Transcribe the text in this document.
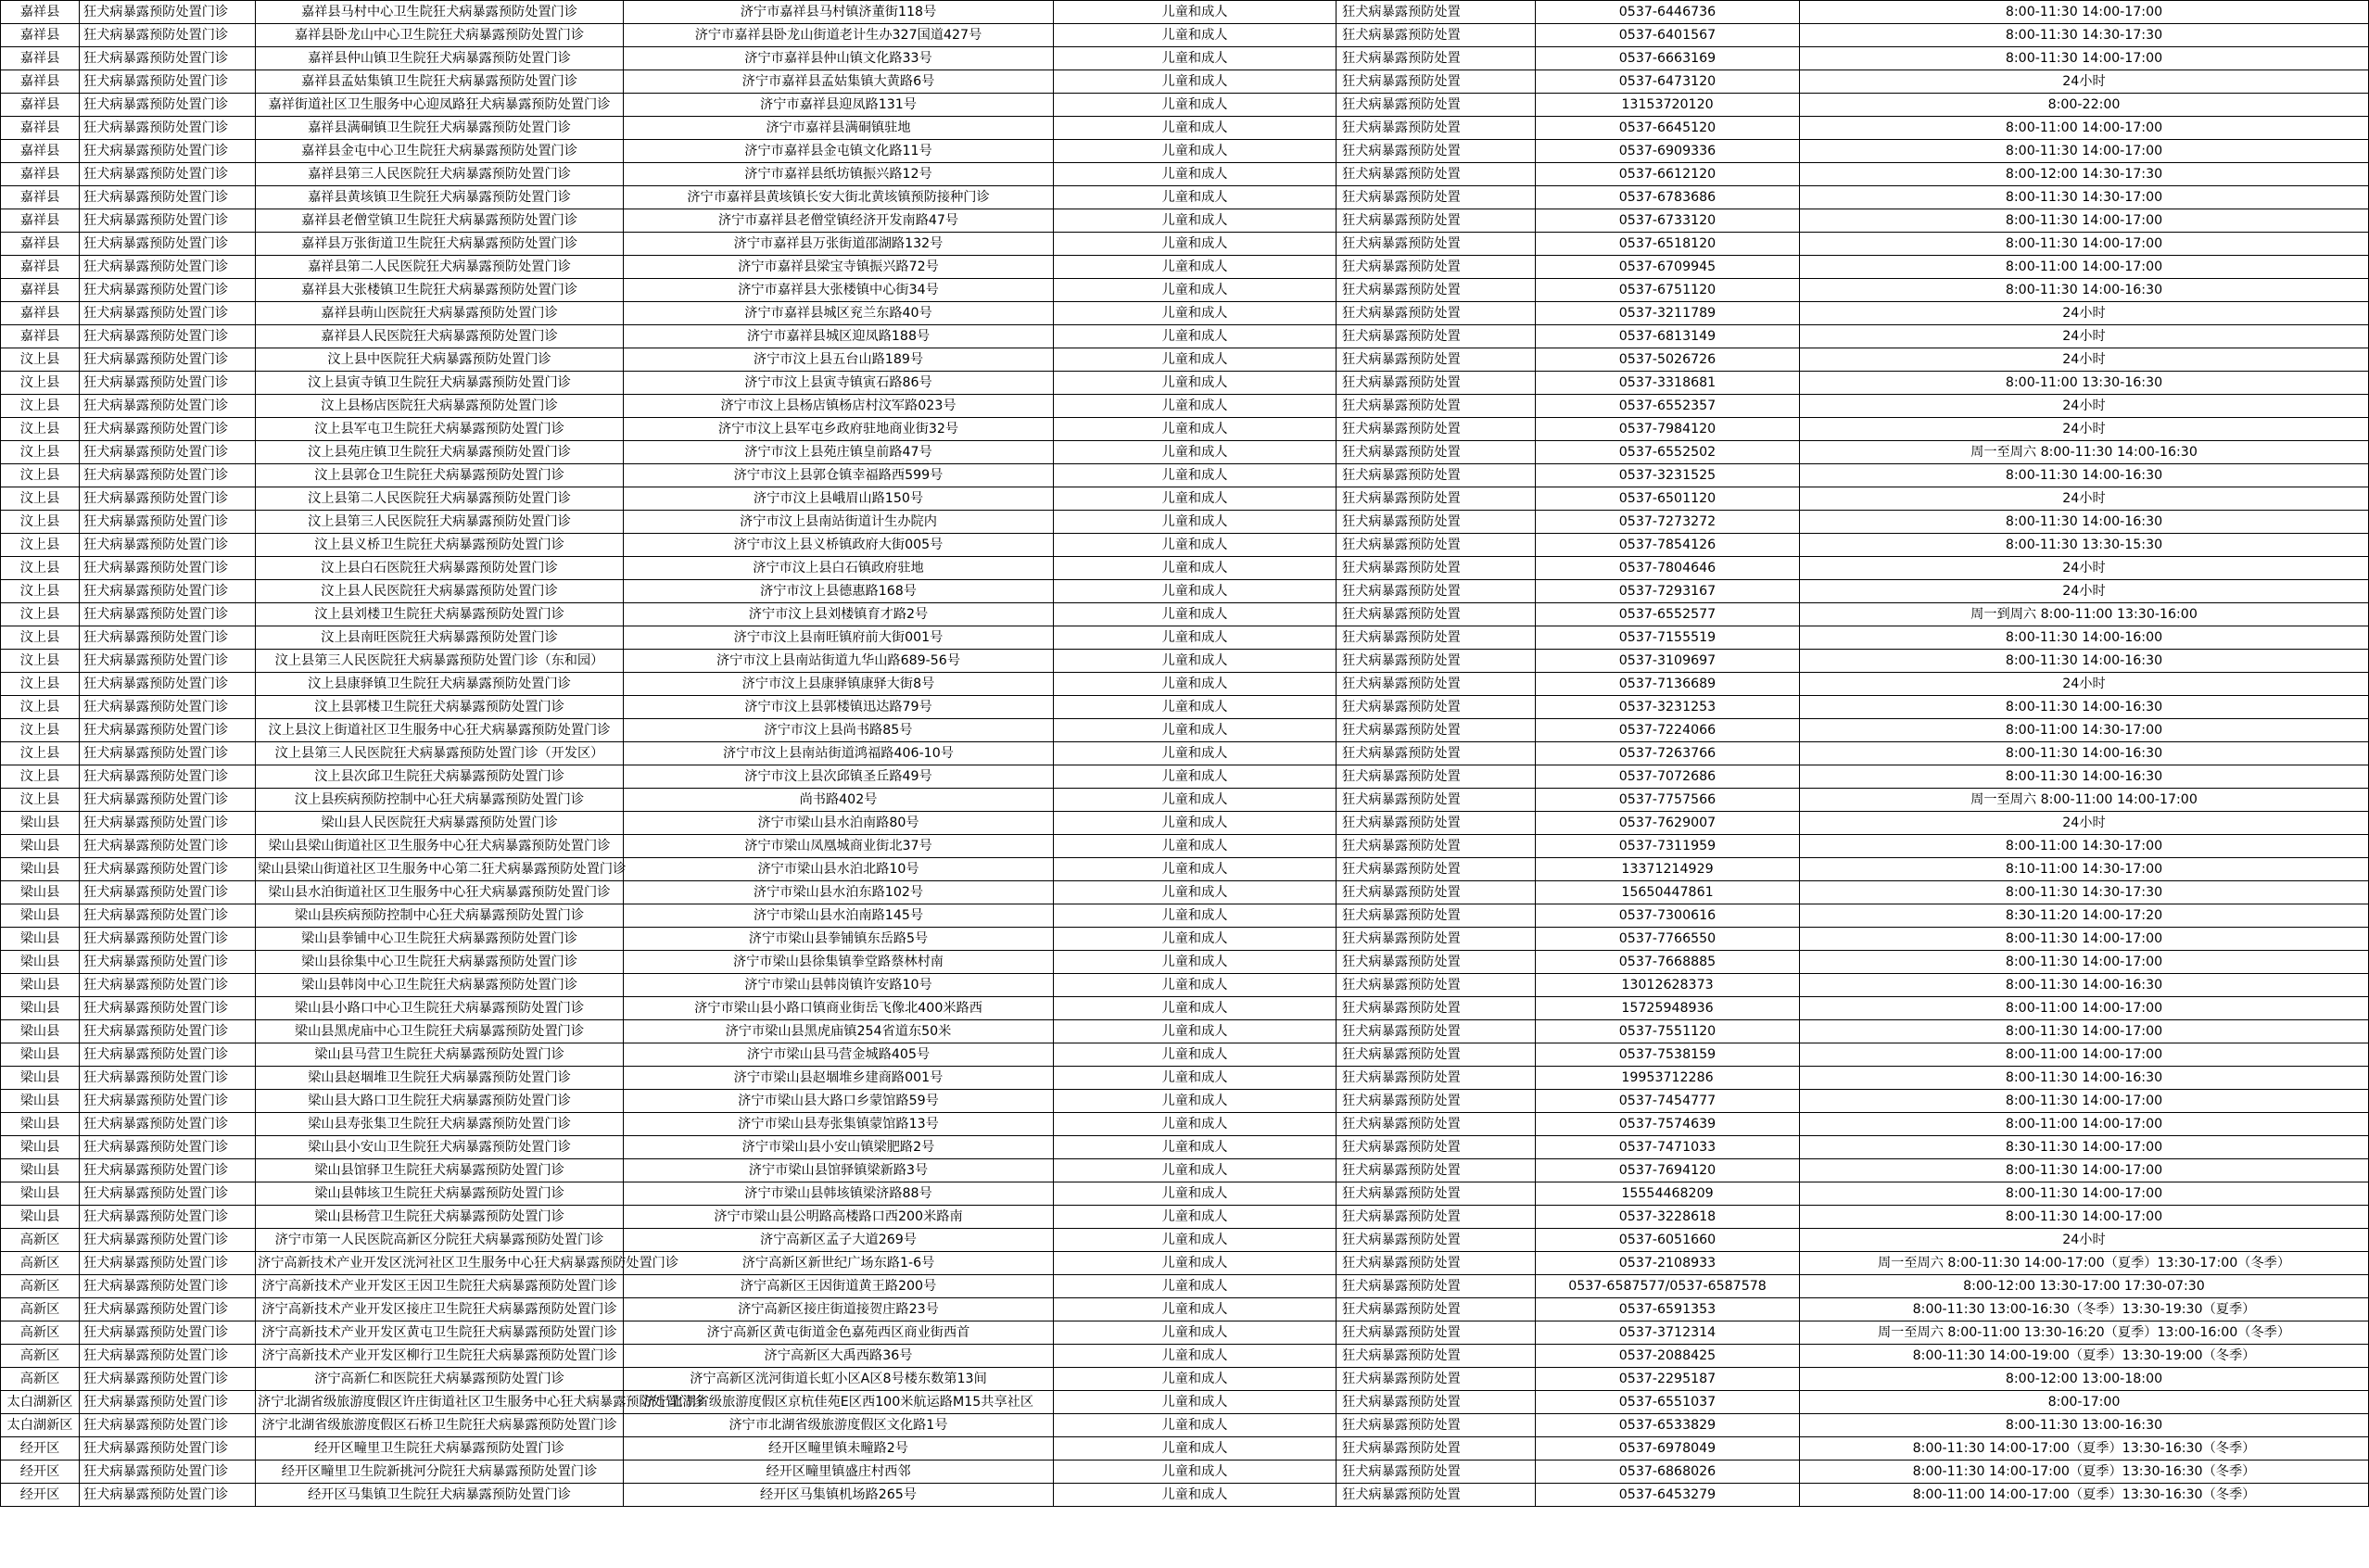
嘉祥县	狂犬病暴露预防处置门诊	嘉祥县马村中心卫生院狂犬病暴露预防处置门诊	济宁市嘉祥县马村镇济董街118号	儿童和成人	狂犬病暴露预防处置	0537-6446736	8:00-11:30 14:00-17:00
嘉祥县	狂犬病暴露预防处置门诊	嘉祥县卧龙山中心卫生院狂犬病暴露预防处置门诊	济宁市嘉祥县卧龙山街道老计生办327国道427号	儿童和成人	狂犬病暴露预防处置	0537-6401567	8:00-11:30 14:30-17:30
嘉祥县	狂犬病暴露预防处置门诊	嘉祥县仲山镇卫生院狂犬病暴露预防处置门诊	济宁市嘉祥县仲山镇文化路33号	儿童和成人	狂犬病暴露预防处置	0537-6663169	8:00-11:30 14:00-17:00
嘉祥县	狂犬病暴露预防处置门诊	嘉祥县孟姑集镇卫生院狂犬病暴露预防处置门诊	济宁市嘉祥县孟姑集镇大黄路6号	儿童和成人	狂犬病暴露预防处置	0537-6473120	24小时
嘉祥县	狂犬病暴露预防处置门诊	嘉祥街道社区卫生服务中心迎凤路狂犬病暴露预防处置门诊	济宁市嘉祥县迎凤路131号	儿童和成人	狂犬病暴露预防处置	13153720120	8:00-22:00
嘉祥县	狂犬病暴露预防处置门诊	嘉祥县满硐镇卫生院狂犬病暴露预防处置门诊	济宁市嘉祥县满硐镇驻地	儿童和成人	狂犬病暴露预防处置	0537-6645120	8:00-11:00 14:00-17:00
嘉祥县	狂犬病暴露预防处置门诊	嘉祥县金屯中心卫生院狂犬病暴露预防处置门诊	济宁市嘉祥县金屯镇文化路11号	儿童和成人	狂犬病暴露预防处置	0537-6909336	8:00-11:30 14:00-17:00
嘉祥县	狂犬病暴露预防处置门诊	嘉祥县第三人民医院狂犬病暴露预防处置门诊	济宁市嘉祥县纸坊镇振兴路12号	儿童和成人	狂犬病暴露预防处置	0537-6612120	8:00-12:00 14:30-17:30
嘉祥县	狂犬病暴露预防处置门诊	嘉祥县黄垓镇卫生院狂犬病暴露预防处置门诊	济宁市嘉祥县黄垓镇长安大街北黄垓镇预防接种门诊	儿童和成人	狂犬病暴露预防处置	0537-6783686	8:00-11:30 14:30-17:00
嘉祥县	狂犬病暴露预防处置门诊	嘉祥县老僧堂镇卫生院狂犬病暴露预防处置门诊	济宁市嘉祥县老僧堂镇经济开发南路47号	儿童和成人	狂犬病暴露预防处置	0537-6733120	8:00-11:30 14:00-17:00
嘉祥县	狂犬病暴露预防处置门诊	嘉祥县万张街道卫生院狂犬病暴露预防处置门诊	济宁市嘉祥县万张街道邵湖路132号	儿童和成人	狂犬病暴露预防处置	0537-6518120	8:00-11:30 14:00-17:00
嘉祥县	狂犬病暴露预防处置门诊	嘉祥县第二人民医院狂犬病暴露预防处置门诊	济宁市嘉祥县梁宝寺镇振兴路72号	儿童和成人	狂犬病暴露预防处置	0537-6709945	8:00-11:00 14:00-17:00
嘉祥县	狂犬病暴露预防处置门诊	嘉祥县大张楼镇卫生院狂犬病暴露预防处置门诊	济宁市嘉祥县大张楼镇中心街34号	儿童和成人	狂犬病暴露预防处置	0537-6751120	8:00-11:30 14:00-16:30
嘉祥县	狂犬病暴露预防处置门诊	嘉祥县萌山医院狂犬病暴露预防处置门诊	济宁市嘉祥县城区兖兰东路40号	儿童和成人	狂犬病暴露预防处置	0537-3211789	24小时
嘉祥县	狂犬病暴露预防处置门诊	嘉祥县人民医院狂犬病暴露预防处置门诊	济宁市嘉祥县城区迎凤路188号	儿童和成人	狂犬病暴露预防处置	0537-6813149	24小时
汶上县	狂犬病暴露预防处置门诊	汶上县中医院狂犬病暴露预防处置门诊	济宁市汶上县五台山路189号	儿童和成人	狂犬病暴露预防处置	0537-5026726	24小时
汶上县	狂犬病暴露预防处置门诊	汶上县寅寺镇卫生院狂犬病暴露预防处置门诊	济宁市汶上县寅寺镇寅石路86号	儿童和成人	狂犬病暴露预防处置	0537-3318681	8:00-11:00 13:30-16:30
汶上县	狂犬病暴露预防处置门诊	汶上县杨店医院狂犬病暴露预防处置门诊	济宁市汶上县杨店镇杨店村汶军路023号	儿童和成人	狂犬病暴露预防处置	0537-6552357	24小时
汶上县	狂犬病暴露预防处置门诊	汶上县军屯卫生院狂犬病暴露预防处置门诊	济宁市汶上县军屯乡政府驻地商业街32号	儿童和成人	狂犬病暴露预防处置	0537-7984120	24小时
汶上县	狂犬病暴露预防处置门诊	汶上县苑庄镇卫生院狂犬病暴露预防处置门诊	济宁市汶上县苑庄镇皇前路47号	儿童和成人	狂犬病暴露预防处置	0537-6552502	周一至周六 8:00-11:30 14:00-16:30
汶上县	狂犬病暴露预防处置门诊	汶上县郭仓卫生院狂犬病暴露预防处置门诊	济宁市汶上县郭仓镇幸福路西599号	儿童和成人	狂犬病暴露预防处置	0537-3231525	8:00-11:30 14:00-16:30
汶上县	狂犬病暴露预防处置门诊	汶上县第二人民医院狂犬病暴露预防处置门诊	济宁市汶上县峨眉山路150号	儿童和成人	狂犬病暴露预防处置	0537-6501120	24小时
汶上县	狂犬病暴露预防处置门诊	汶上县第三人民医院狂犬病暴露预防处置门诊	济宁市汶上县南站街道计生办院内	儿童和成人	狂犬病暴露预防处置	0537-7273272	8:00-11:30 14:00-16:30
汶上县	狂犬病暴露预防处置门诊	汶上县义桥卫生院狂犬病暴露预防处置门诊	济宁市汶上县义桥镇政府大街005号	儿童和成人	狂犬病暴露预防处置	0537-7854126	8:00-11:30 13:30-15:30
汶上县	狂犬病暴露预防处置门诊	汶上县白石医院狂犬病暴露预防处置门诊	济宁市汶上县白石镇政府驻地	儿童和成人	狂犬病暴露预防处置	0537-7804646	24小时
汶上县	狂犬病暴露预防处置门诊	汶上县人民医院狂犬病暴露预防处置门诊	济宁市汶上县德惠路168号	儿童和成人	狂犬病暴露预防处置	0537-7293167	24小时
汶上县	狂犬病暴露预防处置门诊	汶上县刘楼卫生院狂犬病暴露预防处置门诊	济宁市汶上县刘楼镇育才路2号	儿童和成人	狂犬病暴露预防处置	0537-6552577	周一到周六 8:00-11:00 13:30-16:00
汶上县	狂犬病暴露预防处置门诊	汶上县南旺医院狂犬病暴露预防处置门诊	济宁市汶上县南旺镇府前大街001号	儿童和成人	狂犬病暴露预防处置	0537-7155519	8:00-11:30 14:00-16:00
汶上县	狂犬病暴露预防处置门诊	汶上县第三人民医院狂犬病暴露预防处置门诊（东和园）	济宁市汶上县南站街道九华山路689-56号	儿童和成人	狂犬病暴露预防处置	0537-3109697	8:00-11:30 14:00-16:30
汶上县	狂犬病暴露预防处置门诊	汶上县康驿镇卫生院狂犬病暴露预防处置门诊	济宁市汶上县康驿镇康驿大街8号	儿童和成人	狂犬病暴露预防处置	0537-7136689	24小时
汶上县	狂犬病暴露预防处置门诊	汶上县郭楼卫生院狂犬病暴露预防处置门诊	济宁市汶上县郭楼镇迅达路79号	儿童和成人	狂犬病暴露预防处置	0537-3231253	8:00-11:30 14:00-16:30
汶上县	狂犬病暴露预防处置门诊	汶上县汶上街道社区卫生服务中心狂犬病暴露预防处置门诊	济宁市汶上县尚书路85号	儿童和成人	狂犬病暴露预防处置	0537-7224066	8:00-11:00 14:30-17:00
汶上县	狂犬病暴露预防处置门诊	汶上县第三人民医院狂犬病暴露预防处置门诊（开发区）	济宁市汶上县南站街道鸿福路406-10号	儿童和成人	狂犬病暴露预防处置	0537-7263766	8:00-11:30 14:00-16:30
汶上县	狂犬病暴露预防处置门诊	汶上县次邱卫生院狂犬病暴露预防处置门诊	济宁市汶上县次邱镇圣丘路49号	儿童和成人	狂犬病暴露预防处置	0537-7072686	8:00-11:30 14:00-16:30
汶上县	狂犬病暴露预防处置门诊	汶上县疾病预防控制中心狂犬病暴露预防处置门诊	尚书路402号	儿童和成人	狂犬病暴露预防处置	0537-7757566	周一至周六 8:00-11:00 14:00-17:00
梁山县	狂犬病暴露预防处置门诊	梁山县人民医院狂犬病暴露预防处置门诊	济宁市梁山县水泊南路80号	儿童和成人	狂犬病暴露预防处置	0537-7629007	24小时
梁山县	狂犬病暴露预防处置门诊	梁山县梁山街道社区卫生服务中心狂犬病暴露预防处置门诊	济宁市梁山凤凰城商业街北37号	儿童和成人	狂犬病暴露预防处置	0537-7311959	8:00-11:00 14:30-17:00
梁山县	狂犬病暴露预防处置门诊	梁山县梁山街道社区卫生服务中心第二狂犬病暴露预防处置门诊	济宁市梁山县水泊北路10号	儿童和成人	狂犬病暴露预防处置	13371214929	8:10-11:00 14:30-17:00
梁山县	狂犬病暴露预防处置门诊	梁山县水泊街道社区卫生服务中心狂犬病暴露预防处置门诊	济宁市梁山县水泊东路102号	儿童和成人	狂犬病暴露预防处置	15650447861	8:00-11:30 14:30-17:30
梁山县	狂犬病暴露预防处置门诊	梁山县疾病预防控制中心狂犬病暴露预防处置门诊	济宁市梁山县水泊南路145号	儿童和成人	狂犬病暴露预防处置	0537-7300616	8:30-11:20 14:00-17:20
梁山县	狂犬病暴露预防处置门诊	梁山县拳铺中心卫生院狂犬病暴露预防处置门诊	济宁市梁山县拳铺镇东岳路5号	儿童和成人	狂犬病暴露预防处置	0537-7766550	8:00-11:30 14:00-17:00
梁山县	狂犬病暴露预防处置门诊	梁山县徐集中心卫生院狂犬病暴露预防处置门诊	济宁市梁山县徐集镇拳堂路蔡林村南	儿童和成人	狂犬病暴露预防处置	0537-7668885	8:00-11:30 14:00-17:00
梁山县	狂犬病暴露预防处置门诊	梁山县韩岗中心卫生院狂犬病暴露预防处置门诊	济宁市梁山县韩岗镇许安路10号	儿童和成人	狂犬病暴露预防处置	13012628373	8:00-11:30 14:00-16:30
梁山县	狂犬病暴露预防处置门诊	梁山县小路口中心卫生院狂犬病暴露预防处置门诊	济宁市梁山县小路口镇商业街岳飞像北400米路西	儿童和成人	狂犬病暴露预防处置	15725948936	8:00-11:00 14:00-17:00
梁山县	狂犬病暴露预防处置门诊	梁山县黑虎庙中心卫生院狂犬病暴露预防处置门诊	济宁市梁山县黑虎庙镇254省道东50米	儿童和成人	狂犬病暴露预防处置	0537-7551120	8:00-11:30 14:00-17:00
梁山县	狂犬病暴露预防处置门诊	梁山县马营卫生院狂犬病暴露预防处置门诊	济宁市梁山县马营金城路405号	儿童和成人	狂犬病暴露预防处置	0537-7538159	8:00-11:00 14:00-17:00
梁山县	狂犬病暴露预防处置门诊	梁山县赵堌堆卫生院狂犬病暴露预防处置门诊	济宁市梁山县赵堌堆乡建商路001号	儿童和成人	狂犬病暴露预防处置	19953712286	8:00-11:30 14:00-16:30
梁山县	狂犬病暴露预防处置门诊	梁山县大路口卫生院狂犬病暴露预防处置门诊	济宁市梁山县大路口乡蒙馆路59号	儿童和成人	狂犬病暴露预防处置	0537-7454777	8:00-11:30 14:00-17:00
梁山县	狂犬病暴露预防处置门诊	梁山县寿张集卫生院狂犬病暴露预防处置门诊	济宁市梁山县寿张集镇蒙馆路13号	儿童和成人	狂犬病暴露预防处置	0537-7574639	8:00-11:00 14:00-17:00
梁山县	狂犬病暴露预防处置门诊	梁山县小安山卫生院狂犬病暴露预防处置门诊	济宁市梁山县小安山镇梁肥路2号	儿童和成人	狂犬病暴露预防处置	0537-7471033	8:30-11:30 14:00-17:00
梁山县	狂犬病暴露预防处置门诊	梁山县馆驿卫生院狂犬病暴露预防处置门诊	济宁市梁山县馆驿镇梁新路3号	儿童和成人	狂犬病暴露预防处置	0537-7694120	8:00-11:30 14:00-17:00
梁山县	狂犬病暴露预防处置门诊	梁山县韩垓卫生院狂犬病暴露预防处置门诊	济宁市梁山县韩垓镇梁济路88号	儿童和成人	狂犬病暴露预防处置	15554468209	8:00-11:30 14:00-17:00
梁山县	狂犬病暴露预防处置门诊	梁山县杨营卫生院狂犬病暴露预防处置门诊	济宁市梁山县公明路高楼路口西200米路南	儿童和成人	狂犬病暴露预防处置	0537-3228618	8:00-11:30 14:00-17:00
高新区	狂犬病暴露预防处置门诊	济宁市第一人民医院高新区分院狂犬病暴露预防处置门诊	济宁高新区孟子大道269号	儿童和成人	狂犬病暴露预防处置	0537-6051660	24小时
高新区	狂犬病暴露预防处置门诊	济宁高新技术产业开发区洸河社区卫生服务中心狂犬病暴露预防处置门诊	济宁高新区新世纪广场东路1-6号	儿童和成人	狂犬病暴露预防处置	0537-2108933	周一至周六 8:00-11:30 14:00-17:00（夏季）13:30-17:00（冬季）
高新区	狂犬病暴露预防处置门诊	济宁高新技术产业开发区王因卫生院狂犬病暴露预防处置门诊	济宁高新区王因街道黄王路200号	儿童和成人	狂犬病暴露预防处置	0537-6587577/0537-6587578	8:00-12:00 13:30-17:00 17:30-07:30
高新区	狂犬病暴露预防处置门诊	济宁高新技术产业开发区接庄卫生院狂犬病暴露预防处置门诊	济宁高新区接庄街道接贺庄路23号	儿童和成人	狂犬病暴露预防处置	0537-6591353	8:00-11:30 13:00-16:30（冬季）13:30-19:30（夏季）
高新区	狂犬病暴露预防处置门诊	济宁高新技术产业开发区黄屯卫生院狂犬病暴露预防处置门诊	济宁高新区黄屯街道金色嘉苑西区商业街西首	儿童和成人	狂犬病暴露预防处置	0537-3712314	周一至周六 8:00-11:00 13:30-16:20（夏季）13:00-16:00（冬季）
高新区	狂犬病暴露预防处置门诊	济宁高新技术产业开发区柳行卫生院狂犬病暴露预防处置门诊	济宁高新区大禹西路36号	儿童和成人	狂犬病暴露预防处置	0537-2088425	8:00-11:30 14:00-19:00（夏季）13:30-19:00（冬季）
高新区	狂犬病暴露预防处置门诊	济宁高新仁和医院狂犬病暴露预防处置门诊	济宁高新区洸河街道长虹小区A区8号楼东数第13间	儿童和成人	狂犬病暴露预防处置	0537-2295187	8:00-12:00 13:00-18:00
太白湖新区	狂犬病暴露预防处置门诊	济宁北湖省级旅游度假区许庄街道社区卫生服务中心狂犬病暴露预防处置门诊	济宁北湖省级旅游度假区京杭佳苑E区西100米航运路M15共享社区	儿童和成人	狂犬病暴露预防处置	0537-6551037	8:00-17:00
太白湖新区	狂犬病暴露预防处置门诊	济宁北湖省级旅游度假区石桥卫生院狂犬病暴露预防处置门诊	济宁市北湖省级旅游度假区文化路1号	儿童和成人	狂犬病暴露预防处置	0537-6533829	8:00-11:30 13:00-16:30
经开区	狂犬病暴露预防处置门诊	经开区疃里卫生院狂犬病暴露预防处置门诊	经开区疃里镇未疃路2号	儿童和成人	狂犬病暴露预防处置	0537-6978049	8:00-11:30 14:00-17:00（夏季）13:30-16:30（冬季）
经开区	狂犬病暴露预防处置门诊	经开区疃里卫生院新挑河分院狂犬病暴露预防处置门诊	经开区疃里镇盛庄村西邻	儿童和成人	狂犬病暴露预防处置	0537-6868026	8:00-11:30 14:00-17:00（夏季）13:30-16:30（冬季）
经开区	狂犬病暴露预防处置门诊	经开区马集镇卫生院狂犬病暴露预防处置门诊	经开区马集镇机场路265号	儿童和成人	狂犬病暴露预防处置	0537-6453279	8:00-11:00 14:00-17:00（夏季）13:30-16:30（冬季）
